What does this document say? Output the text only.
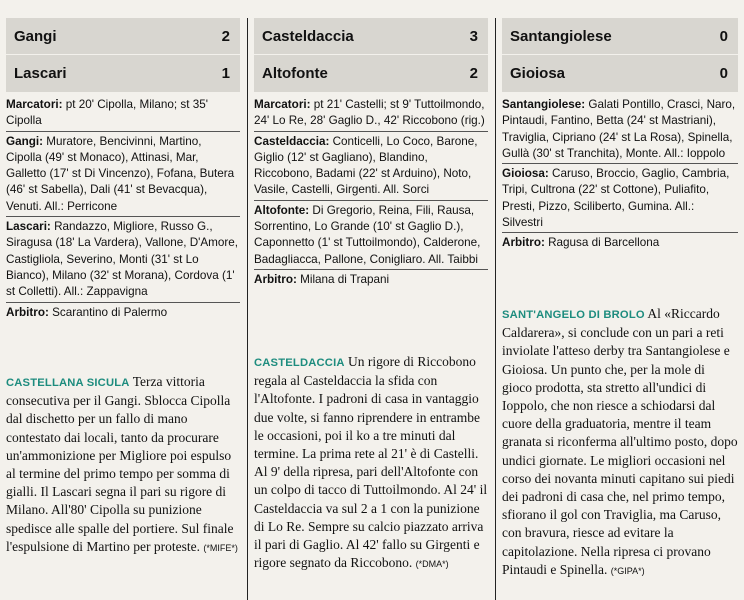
Gangi	2
Lascari	1

Marcatori: pt 20' Cipolla, Milano; st 35' Cipolla

Gangi: Muratore, Bencivinni, Martino, Cipolla (49' st Monaco), Attinasi, Mar, Galletto (17' st Di Vincenzo), Fofana, Butera (46' st Sabella), Dali (41' st Bevacqua), Venuti. All.: Perricone

Lascari: Randazzo, Migliore, Russo G., Siragusa (18' La Vardera), Vallone, D'Amore, Castigliola, Severino, Monti (31' st Lo Bianco), Milano (32' st Morana), Cordova (1' st Colletti). All.: Zappavigna

Arbitro: Scarantino di Palermo

CASTELLANA SICULA Terza vittoria consecutiva per il Gangi. Sblocca Cipolla dal dischetto per un fallo di mano contestato dai locali, tanto da procurare un'ammonizione per Migliore poi espulso al termine del primo tempo per somma di gialli. Il Lascari segna il pari su rigore di Milano. All'80' Cipolla su punizione spedisce alle spalle del portiere. Sul finale l'espulsione di Martino per proteste. (*MIFE*)
Casteldaccia	3
Altofonte	2

Marcatori: pt 21' Castelli; st 9' Tuttoilmondo, 24' Lo Re, 28' Gaglio D., 42' Riccobono (rig.)

Casteldaccia: Conticelli, Lo Coco, Barone, Giglio (12' st Gagliano), Blandino, Riccobono, Badami (22' st Arduino), Noto, Vasile, Castelli, Girgenti. All. Sorci

Altofonte: Di Gregorio, Reina, Fili, Rausa, Sorrentino, Lo Grande (10' st Gaglio D.), Caponnetto (1' st Tuttoilmondo), Calderone, Badagliacca, Pallone, Conigliaro. All. Taibbi

Arbitro: Milana di Trapani

CASTELDACCIA Un rigore di Riccobono regala al Casteldaccia la sfida con l'Altofonte. I padroni di casa in vantaggio due volte, si fanno riprendere in entrambe le occasioni, poi il ko a tre minuti dal termine. La prima rete al 21' è di Castelli. Al 9' della ripresa, pari dell'Altofonte con un colpo di tacco di Tuttoilmondo. Al 24' il Casteldaccia va sul 2 a 1 con la punizione di Lo Re. Sempre su calcio piazzato arriva il pari di Gaglio. Al 42' fallo su Girgenti e rigore segnato da Riccobono. (*DMA*)
Santangiolese	0
Gioiosa	0

Santangiolese: Galati Pontillo, Crasci, Naro, Pintaudi, Fantino, Betta (24' st Mastriani), Traviglia, Cipriano (24' st La Rosa), Spinella, Gullà (30' st Tranchita), Monte. All.: Ioppolo

Gioiosa: Caruso, Broccio, Gaglio, Cambria, Tripi, Cultrona (22' st Cottone), Puliafito, Presti, Pizzo, Sciliberto, Gumina. All.: Silvestri

Arbitro: Ragusa di Barcellona

SANT'ANGELO DI BROLO Al «Riccardo Caldarera», si conclude con un pari a reti inviolate l'atteso derby tra Santangiolese e Gioiosa. Un punto che, per la mole di gioco prodotta, sta stretto all'undici di Ioppolo, che non riesce a schiodarsi dal cuore della graduatoria, mentre il team granata si riconferma all'ultimo posto, dopo undici giornate. Le migliori occasioni nel corso dei novanta minuti capitano sui piedi dei padroni di casa che, nel primo tempo, sfiorano il gol con Traviglia, ma Caruso, con bravura, riesce ad evitare la capitolazione. Nella ripresa ci provano Pintaudi e Spinella. (*GIPA*)
